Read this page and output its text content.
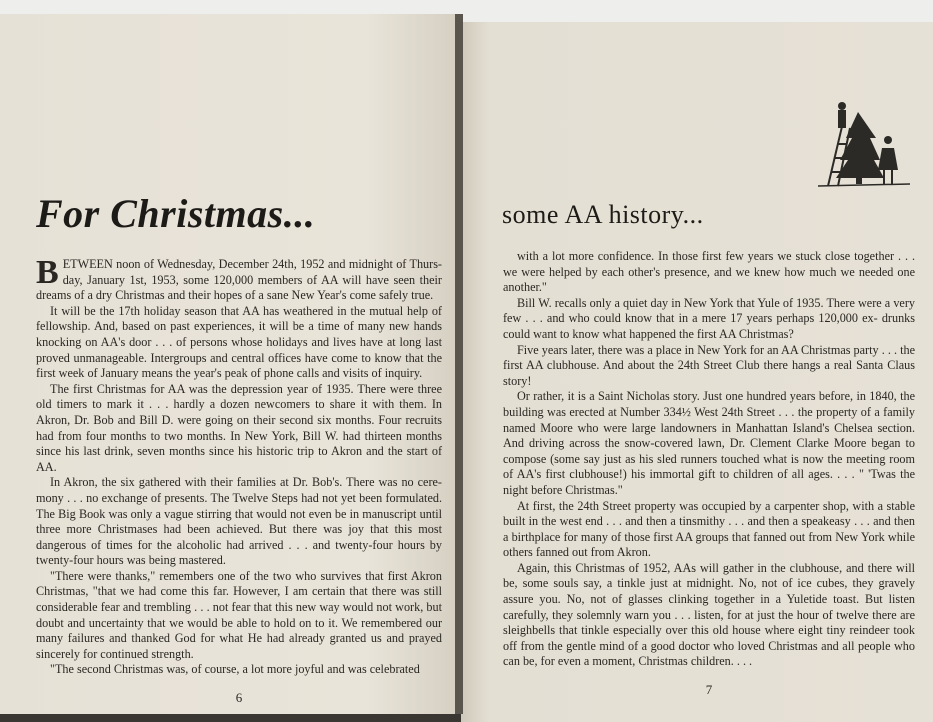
For Christmas...	some AA history...

BETWEEN noon of Wednesday, December 24th, 1952 and midnight of Thurs- day, January 1st, 1953, some 120,000 members of AA will have seen their dreams of a dry Christmas and their hopes of a sane New Year's come safely true.

It will be the 17th holiday season that AA has weathered in the mutual help of fellowship. And, based on past experiences, it will be a time of many new hands knocking on AA's door . . . of persons whose holidays and lives have at long last proved unmanageable. Intergroups and central offices have come to know that the first week of January means the year's peak of phone calls and visits of inquiry.

The first Christmas for AA was the depression year of 1935. There were three old timers to mark it . . . hardly a dozen newcomers to share it with them. In Akron, Dr. Bob and Bill D. were going on their second six months. Four recruits had from four months to two months. In New York, Bill W. had thirteen months since his last drink, seven months since his historic trip to Akron and the start of AA.

In Akron, the six gathered with their families at Dr. Bob's. There was no cere- mony . . . no exchange of presents. The Twelve Steps had not yet been formulated. The Big Book was only a vague stirring that would not even be in manuscript until three more Christmases had been achieved. But there was joy that this most dangerous of times for the alcoholic had arrived . . . and twenty-four hours by twenty-four hours was being mastered.

"There were thanks," remembers one of the two who survives that first Akron Christmas, "that we had come this far. However, I am certain that there was still considerable fear and trembling . . . not fear that this new way would not work, but doubt and uncertainty that we would be able to hold on to it. We remembered our many failures and thanked God for what He had already granted us and prayed sincerely for continued strength.

"The second Christmas was, of course, a lot more joyful and was celebrated

6

with a lot more confidence. In those first few years we stuck close together . . . we were helped by each other's presence, and we knew how much we needed one another."

Bill W. recalls only a quiet day in New York that Yule of 1935. There were a very few . . . and who could know that in a mere 17 years perhaps 120,000 ex- drunks could want to know what happened the first AA Christmas?

Five years later, there was a place in New York for an AA Christmas party . . . the first AA clubhouse. And about the 24th Street Club there hangs a real Santa Claus story!

Or rather, it is a Saint Nicholas story. Just one hundred years before, in 1840, the building was erected at Number 334½ West 24th Street . . . the property of a family named Moore who were large landowners in Manhattan Island's Chelsea section. And driving across the snow-covered lawn, Dr. Clement Clarke Moore began to compose (some say just as his sled runners touched what is now the meeting room of AA's first clubhouse!) his immortal gift to children of all ages. . . . " 'Twas the night before Christmas."

At first, the 24th Street property was occupied by a carpenter shop, with a stable built in the west end . . . and then a tinsmithy . . . and then a speakeasy . . . and then a birthplace for many of those first AA groups that fanned out from New York while others fanned out from Akron.

Again, this Christmas of 1952, AAs will gather in the clubhouse, and there will be, some souls say, a tinkle just at midnight. No, not of ice cubes, they gravely assure you. No, not of glasses clinking together in a Yuletide toast. But listen carefully, they solemnly warn you . . . listen, for at just the hour of twelve there are sleighbells that tinkle especially over this old house where eight tiny reindeer took off from the gentle mind of a good doctor who loved Christmas and all people who can be, for even a moment, Christmas children. . . .

7
